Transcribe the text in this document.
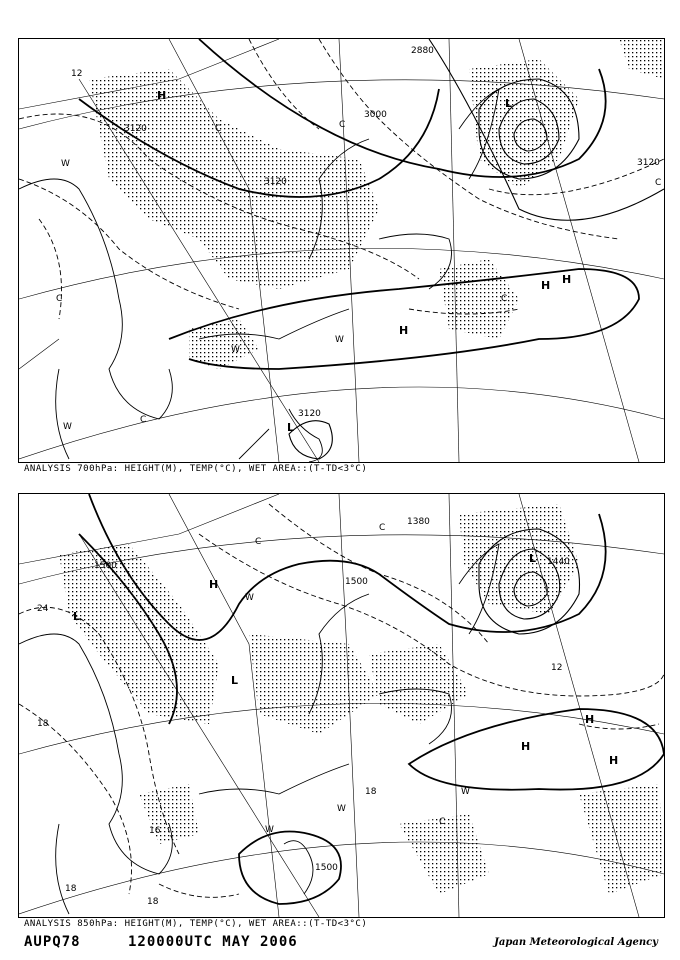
3120
3000
3120
3120
3120
2880
12
L
L
H
H
H H
W
W
W
W
C
C
C
C
C
C
ANALYSIS 700hPa: HEIGHT(M), TEMP(°C), WET AREA::(T-TD<3°C)
1500
1500
1500
1380
1440
24
18
18
18
18
12
16
L
L
L
H
H
H
H
W
W
W
W
C
C
C
ANALYSIS 850hPa: HEIGHT(M), TEMP(°C), WET AREA::(T-TD<3°C)
AUPQ78	120000UTC MAY 2006	Japan Meteorological Agency
